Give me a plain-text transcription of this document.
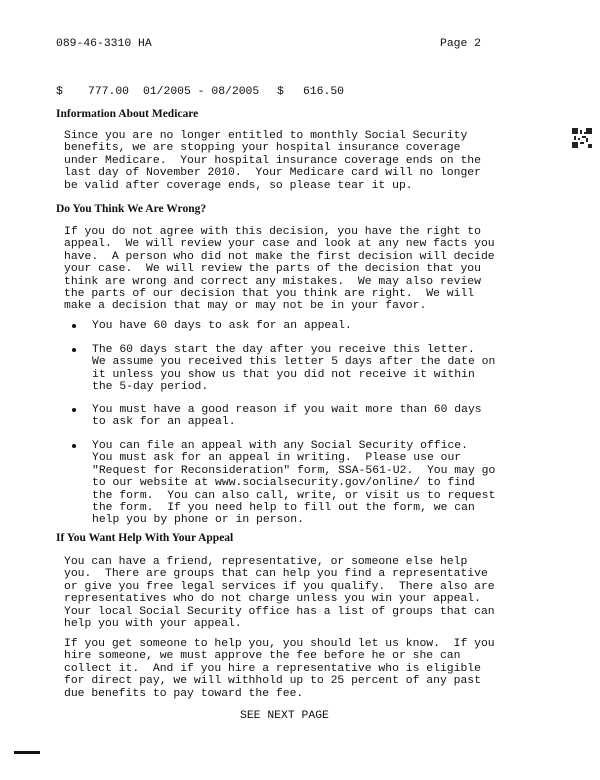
089-46-3310 HA	Page 2
$ 777.00 01/2005 - 08/2005 $ 616.50
Information About Medicare
Since you are no longer entitled to monthly Social Security
benefits, we are stopping your hospital insurance coverage
under Medicare.  Your hospital insurance coverage ends on the
last day of November 2010.  Your Medicare card will no longer
be valid after coverage ends, so please tear it up.
Do You Think We Are Wrong?
If you do not agree with this decision, you have the right to
appeal.  We will review your case and look at any new facts you
have.  A person who did not make the first decision will decide
your case.  We will review the parts of the decision that you
think are wrong and correct any mistakes.  We may also review
the parts of our decision that you think are right.  We will
make a decision that may or may not be in your favor.

You have 60 days to ask for an appeal.

The 60 days start the day after you receive this letter.
We assume you received this letter 5 days after the date on
it unless you show us that you did not receive it within
the 5-day period.

You must have a good reason if you wait more than 60 days
to ask for an appeal.

You can file an appeal with any Social Security office.
You must ask for an appeal in writing.  Please use our
"Request for Reconsideration" form, SSA-561-U2.  You may go
to our website at www.socialsecurity.gov/online/ to find
the form.  You can also call, write, or visit us to request
the form.  If you need help to fill out the form, we can
help you by phone or in person.

If You Want Help With Your Appeal
You can have a friend, representative, or someone else help
you.  There are groups that can help you find a representative
or give you free legal services if you qualify.  There also are
representatives who do not charge unless you win your appeal.
Your local Social Security office has a list of groups that can
help you with your appeal.
If you get someone to help you, you should let us know.  If you
hire someone, we must approve the fee before he or she can
collect it.  And if you hire a representative who is eligible
for direct pay, we will withhold up to 25 percent of any past
due benefits to pay toward the fee.
SEE NEXT PAGE
